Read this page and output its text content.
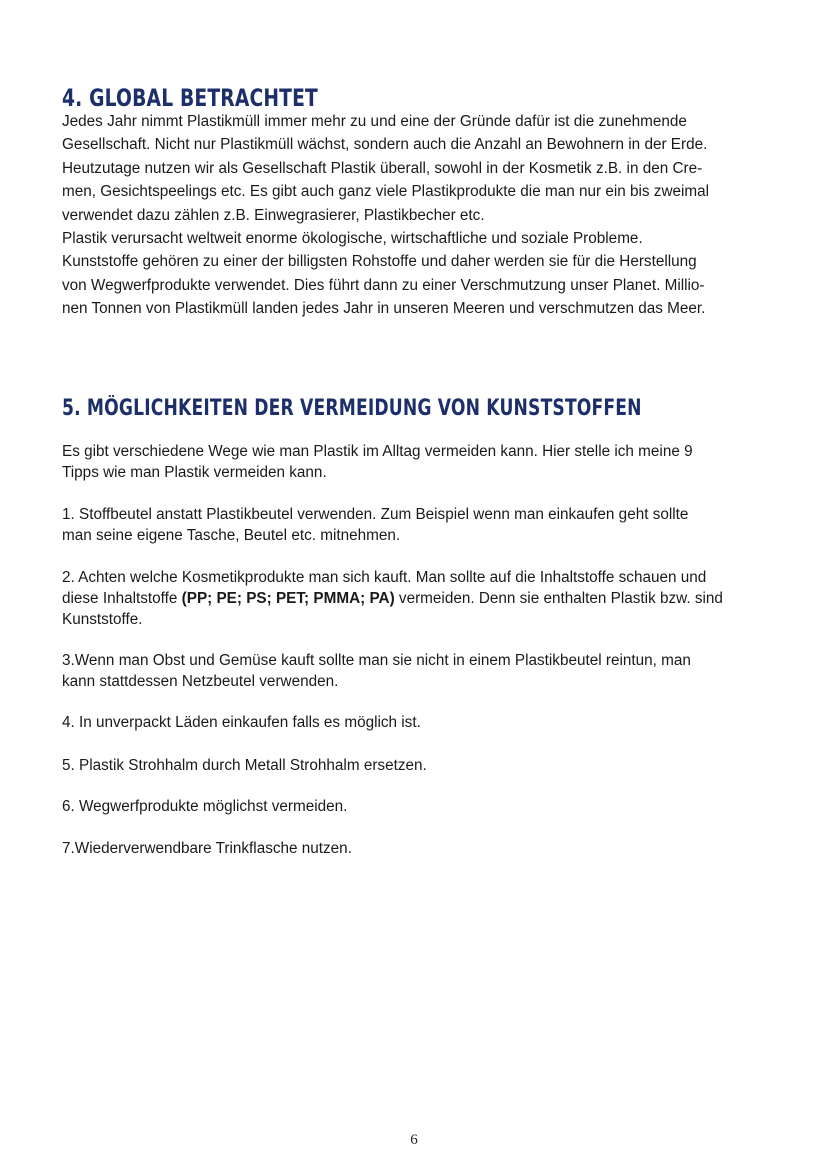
4. GLOBAL BETRACHTET
Jedes Jahr nimmt Plastikmüll immer mehr zu und eine der Gründe dafür ist die zunehmende
Gesellschaft. Nicht nur Plastikmüll wächst, sondern auch die Anzahl an Bewohnern in der Erde.
Heutzutage nutzen wir als Gesellschaft Plastik überall, sowohl in der Kosmetik z.B. in den Cre-
men, Gesichtspeelings etc. Es gibt auch ganz viele Plastikprodukte die man nur ein bis zweimal
verwendet dazu zählen z.B. Einwegrasierer, Plastikbecher etc.
Plastik verursacht weltweit enorme ökologische, wirtschaftliche und soziale Probleme.
Kunststoffe gehören zu einer der billigsten Rohstoffe und daher werden sie für die Herstellung
von Wegwerfprodukte verwendet. Dies führt dann zu einer Verschmutzung unser Planet. Millio-
nen Tonnen von Plastikmüll landen jedes Jahr in unseren Meeren und verschmutzen das Meer.
5. MÖGLICHKEITEN DER VERMEIDUNG VON KUNSTSTOFFEN
Es gibt verschiedene Wege wie man Plastik im Alltag vermeiden kann. Hier stelle ich meine 9
Tipps wie man Plastik vermeiden kann.
1. Stoffbeutel anstatt Plastikbeutel verwenden. Zum Beispiel wenn man einkaufen geht sollte
man seine eigene Tasche, Beutel etc. mitnehmen.
2. Achten welche Kosmetikprodukte man sich kauft. Man sollte auf die Inhaltstoffe schauen und
diese Inhaltstoffe (PP; PE; PS; PET; PMMA; PA) vermeiden. Denn sie enthalten Plastik bzw. sind
Kunststoffe.
3.Wenn man Obst und Gemüse kauft sollte man sie nicht in einem Plastikbeutel reintun, man
kann stattdessen Netzbeutel verwenden.
4. In unverpackt Läden einkaufen falls es möglich ist.
5. Plastik Strohhalm durch Metall Strohhalm ersetzen.
6. Wegwerfprodukte möglichst vermeiden.
7.Wiederverwendbare Trinkflasche nutzen.
6
